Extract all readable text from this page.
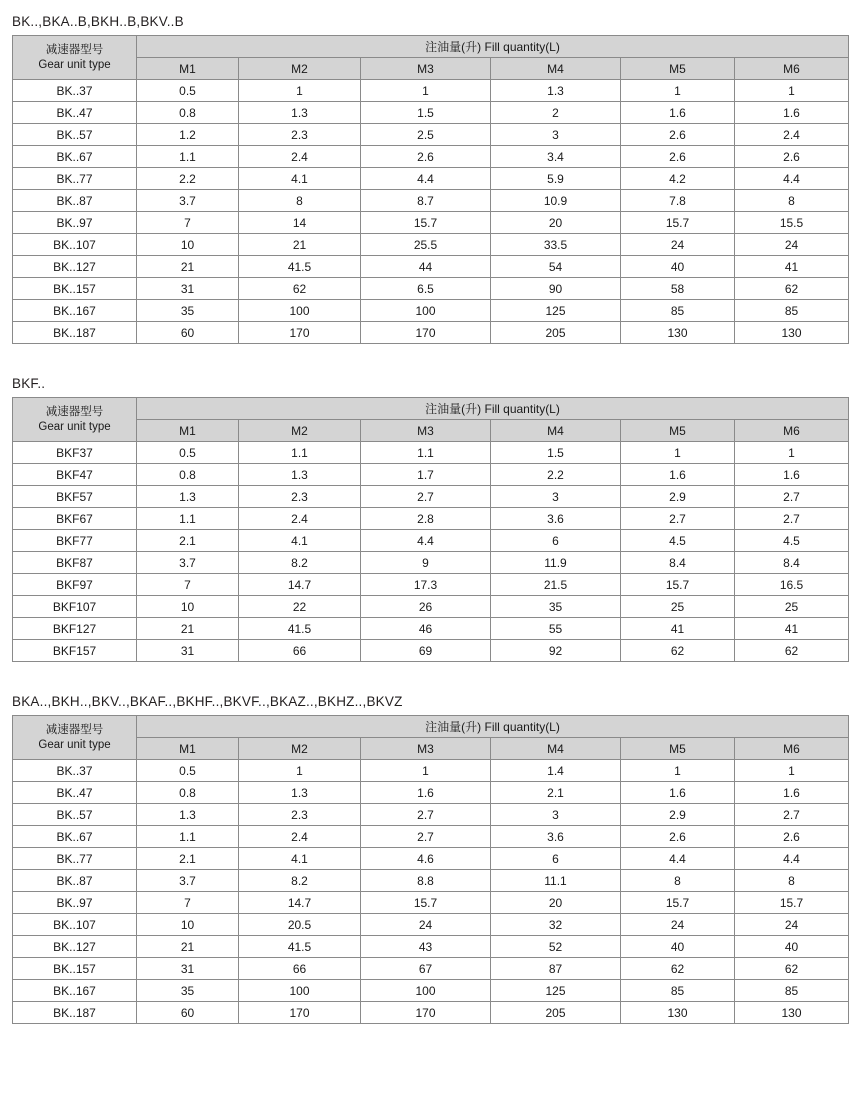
BK..,BKA..B,BKH..B,BKV..B
减速器型号
Gear unit type	注油量(升) Fill quantity(L)					
	M1	M2	M3	M4	M5	M6
BK..37	0.5	1	1	1.3	1	1
BK..47	0.8	1.3	1.5	2	1.6	1.6
BK..57	1.2	2.3	2.5	3	2.6	2.4
BK..67	1.1	2.4	2.6	3.4	2.6	2.6
BK..77	2.2	4.1	4.4	5.9	4.2	4.4
BK..87	3.7	8	8.7	10.9	7.8	8
BK..97	7	14	15.7	20	15.7	15.5
BK..107	10	21	25.5	33.5	24	24
BK..127	21	41.5	44	54	40	41
BK..157	31	62	6.5	90	58	62
BK..167	35	100	100	125	85	85
BK..187	60	170	170	205	130	130
BKF..
减速器型号
Gear unit type	注油量(升) Fill quantity(L)					
	M1	M2	M3	M4	M5	M6
BKF37	0.5	1.1	1.1	1.5	1	1
BKF47	0.8	1.3	1.7	2.2	1.6	1.6
BKF57	1.3	2.3	2.7	3	2.9	2.7
BKF67	1.1	2.4	2.8	3.6	2.7	2.7
BKF77	2.1	4.1	4.4	6	4.5	4.5
BKF87	3.7	8.2	9	11.9	8.4	8.4
BKF97	7	14.7	17.3	21.5	15.7	16.5
BKF107	10	22	26	35	25	25
BKF127	21	41.5	46	55	41	41
BKF157	31	66	69	92	62	62
BKA..,BKH..,BKV..,BKAF..,BKHF..,BKVF..,BKAZ..,BKHZ..,BKVZ
减速器型号
Gear unit type	注油量(升) Fill quantity(L)					
	M1	M2	M3	M4	M5	M6
BK..37	0.5	1	1	1.4	1	1
BK..47	0.8	1.3	1.6	2.1	1.6	1.6
BK..57	1.3	2.3	2.7	3	2.9	2.7
BK..67	1.1	2.4	2.7	3.6	2.6	2.6
BK..77	2.1	4.1	4.6	6	4.4	4.4
BK..87	3.7	8.2	8.8	11.1	8	8
BK..97	7	14.7	15.7	20	15.7	15.7
BK..107	10	20.5	24	32	24	24
BK..127	21	41.5	43	52	40	40
BK..157	31	66	67	87	62	62
BK..167	35	100	100	125	85	85
BK..187	60	170	170	205	130	130
